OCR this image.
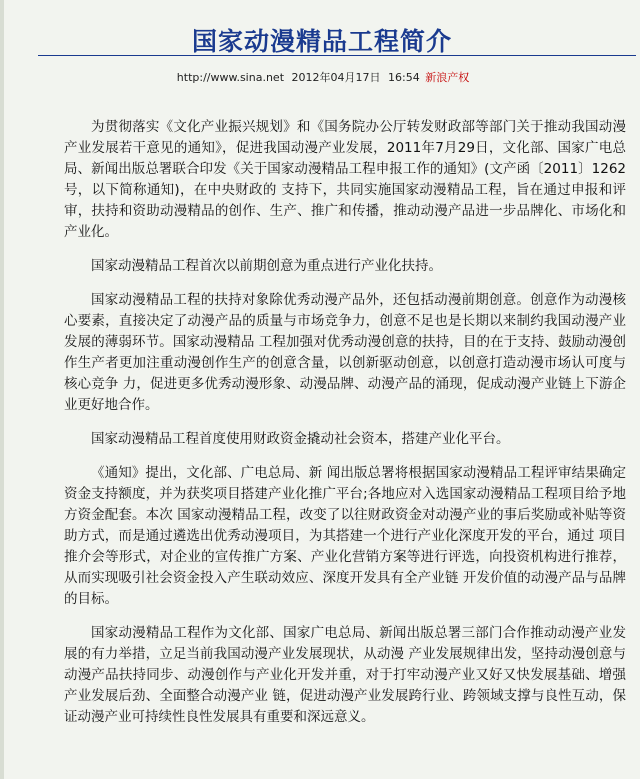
国家动漫精品工程简介
http://www.sina.net 2012年04月17日 16:54 新浪产权

为贯彻落实《文化产业振兴规划》和《国务院办公厅转发财政部等部门关于推动我国动漫产业发展若干意见的通知》，促进我国动漫产业发展，2011年7月29日，文化部、国家广电总局、新闻出版总署联合印发《关于国家动漫精品工程申报工作的通知》(文产函〔2011〕1262号，以下简称通知)，在中央财政的 支持下，共同实施国家动漫精品工程，旨在通过申报和评审，扶持和资助动漫精品的创作、生产、推广和传播，推动动漫产品进一步品牌化、市场化和产业化。

国家动漫精品工程首次以前期创意为重点进行产业化扶持。

国家动漫精品工程的扶持对象除优秀动漫产品外，还包括动漫前期创意。创意作为动漫核心要素，直接决定了动漫产品的质量与市场竞争力，创意不足也是长期以来制约我国动漫产业发展的薄弱环节。国家动漫精品 工程加强对优秀动漫创意的扶持，目的在于支持、鼓励动漫创作生产者更加注重动漫创作生产的创意含量，以创新驱动创意，以创意打造动漫市场认可度与核心竞争 力，促进更多优秀动漫形象、动漫品牌、动漫产品的涌现，促成动漫产业链上下游企业更好地合作。

国家动漫精品工程首度使用财政资金撬动社会资本，搭建产业化平台。

《通知》提出，文化部、广电总局、新 闻出版总署将根据国家动漫精品工程评审结果确定资金支持额度，并为获奖项目搭建产业化推广平台;各地应对入选国家动漫精品工程项目给予地方资金配套。本次 国家动漫精品工程，改变了以往财政资金对动漫产业的事后奖励或补贴等资助方式，而是通过遴选出优秀动漫项目，为其搭建一个进行产业化深度开发的平台，通过 项目推介会等形式，对企业的宣传推广方案、产业化营销方案等进行评选，向投资机构进行推荐，从而实现吸引社会资金投入产生联动效应、深度开发具有全产业链 开发价值的动漫产品与品牌的目标。

国家动漫精品工程作为文化部、国家广电总局、新闻出版总署三部门合作推动动漫产业发展的有力举措，立足当前我国动漫产业发展现状，从动漫 产业发展规律出发，坚持动漫创意与动漫产品扶持同步、动漫创作与产业化开发并重，对于打牢动漫产业又好又快发展基础、增强产业发展后劲、全面整合动漫产业 链，促进动漫产业发展跨行业、跨领域支撑与良性互动，保证动漫产业可持续性良性发展具有重要和深远意义。
